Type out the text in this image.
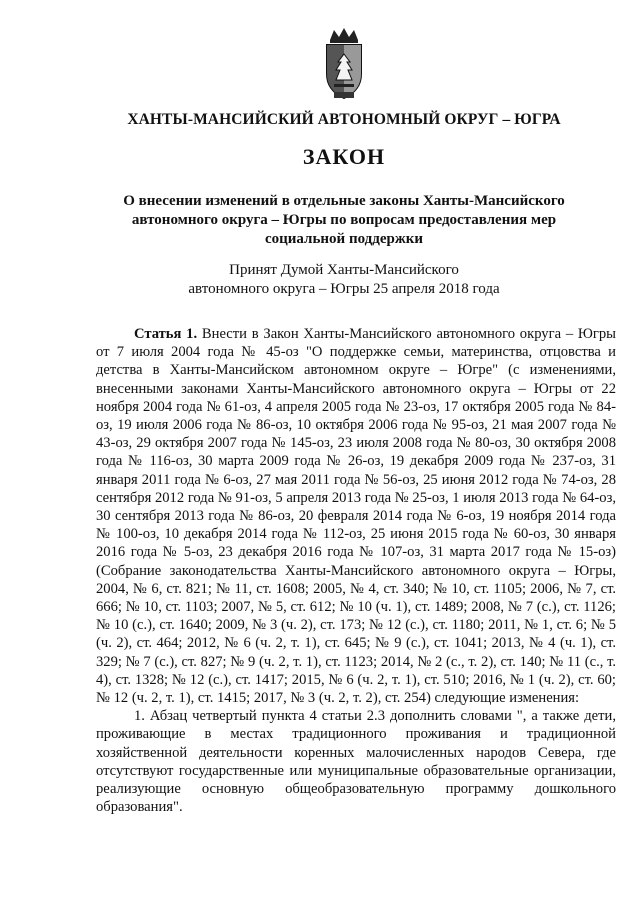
ХАНТЫ-МАНСИЙСКИЙ АВТОНОМНЫЙ ОКРУГ – ЮГРА
ЗАКОН
О внесении изменений в отдельные законы Ханты-Мансийского
автономного округа – Югры по вопросам предоставления мер
социальной поддержки
Принят Думой Ханты-Мансийского
автономного округа – Югры 25 апреля 2018 года

Статья 1. Внести в Закон Ханты-Мансийского автономного округа – Югры от 7 июля 2004 года № 45-оз "О поддержке семьи, материнства, отцовства и детства в Ханты-Мансийском автономном округе – Югре" (с изменениями, внесенными законами Ханты-Мансийского автономного округа – Югры от 22 ноября 2004 года № 61-оз, 4 апреля 2005 года № 23-оз, 17 октября 2005 года № 84-оз, 19 июля 2006 года № 86-оз, 10 октября 2006 года № 95-оз, 21 мая 2007 года № 43-оз, 29 октября 2007 года № 145-оз, 23 июля 2008 года № 80-оз, 30 октября 2008 года № 116-оз, 30 марта 2009 года № 26-оз, 19 декабря 2009 года № 237-оз, 31 января 2011 года № 6-оз, 27 мая 2011 года № 56-оз, 25 июня 2012 года № 74-оз, 28 сентября 2012 года № 91-оз, 5 апреля 2013 года № 25-оз, 1 июля 2013 года № 64-оз, 30 сентября 2013 года № 86-оз, 20 февраля 2014 года № 6-оз, 19 ноября 2014 года № 100-оз, 10 декабря 2014 года № 112-оз, 25 июня 2015 года № 60-оз, 30 января 2016 года № 5-оз, 23 декабря 2016 года № 107-оз, 31 марта 2017 года № 15-оз) (Собрание законодательства Ханты-Мансийского автономного округа – Югры, 2004, № 6, ст. 821; № 11, ст. 1608; 2005, № 4, ст. 340; № 10, ст. 1105; 2006, № 7, ст. 666; № 10, ст. 1103; 2007, № 5, ст. 612; № 10 (ч. 1), ст. 1489; 2008, № 7 (с.), ст. 1126; № 10 (с.), ст. 1640; 2009, № 3 (ч. 2), ст. 173; № 12 (с.), ст. 1180; 2011, № 1, ст. 6; № 5 (ч. 2), ст. 464; 2012, № 6 (ч. 2, т. 1), ст. 645; № 9 (с.), ст. 1041; 2013, № 4 (ч. 1), ст. 329; № 7 (с.), ст. 827; № 9 (ч. 2, т. 1), ст. 1123; 2014, № 2 (с., т. 2), ст. 140; № 11 (с., т. 4), ст. 1328; № 12 (с.), ст. 1417; 2015, № 6 (ч. 2, т. 1), ст. 510; 2016, № 1 (ч. 2), ст. 60; № 12 (ч. 2, т. 1), ст. 1415; 2017, № 3 (ч. 2, т. 2), ст. 254) следующие изменения:

1. Абзац четвертый пункта 4 статьи 2.3 дополнить словами ", а также дети, проживающие в местах традиционного проживания и традиционной хозяйственной деятельности коренных малочисленных народов Севера, где отсутствуют государственные или муниципальные образовательные организации, реализующие основную общеобразовательную программу дошкольного образования".
